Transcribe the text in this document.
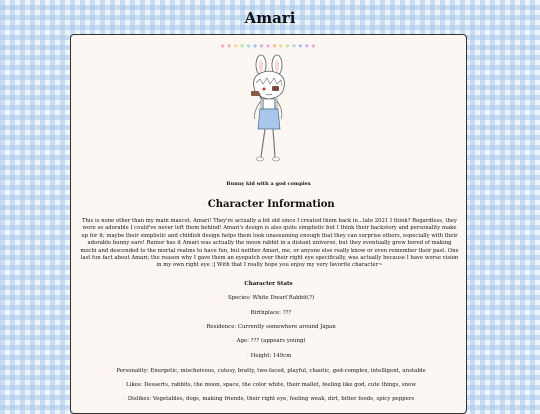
Amari
♥♥♥♥♥♥♥♥♥♥♥♥♥♥♥
Bunny kid with a god complex
♡Character Information

This is none other than my main mascot, Amari! They're actually a bit old since I created them back in...late 2021 I think? Regardless, they were so adorable I could've never left them behind! Amari's design is also quite simplistic but I think their backstory and personality make up for it; maybe their simplistic and childish design helps them look unassuming enough that they can surprise others, especially with their adorable bunny ears! Rumor has it Amari was actually the moon rabbit in a distant universe, but they eventually grew bored of making mochi and descended to the mortal realms to have fun, but neither Amari, me, or anyone else really know or even remember their past. One last fun fact about Amari; the reason why I gave them an eyepatch over their right eye specifically, was actually because I have worse vision in my own right eye :] With that I really hope you enjoy my very favorite character~

Character Stats
♡Species: White Dwarf Rabbit(?)
♡Birthplace: ???
♡Residence: Currently somewhere around Japan
♡Age: ??? (appears young)
♡Height: 149cm
♡Personality: Energetic, mischeivous, cutesy, bratty, two-faced, playful, chaotic, god-complex, intelligent, unstable
♡Likes: Desserts, rabbits, the moon, space, the color white, their mallet, feeling like god, cute things, snow
♡Dislikes: Vegetables, dogs, making friends, their right eye, feeling weak, dirt, bitter foods, spicy peppers
